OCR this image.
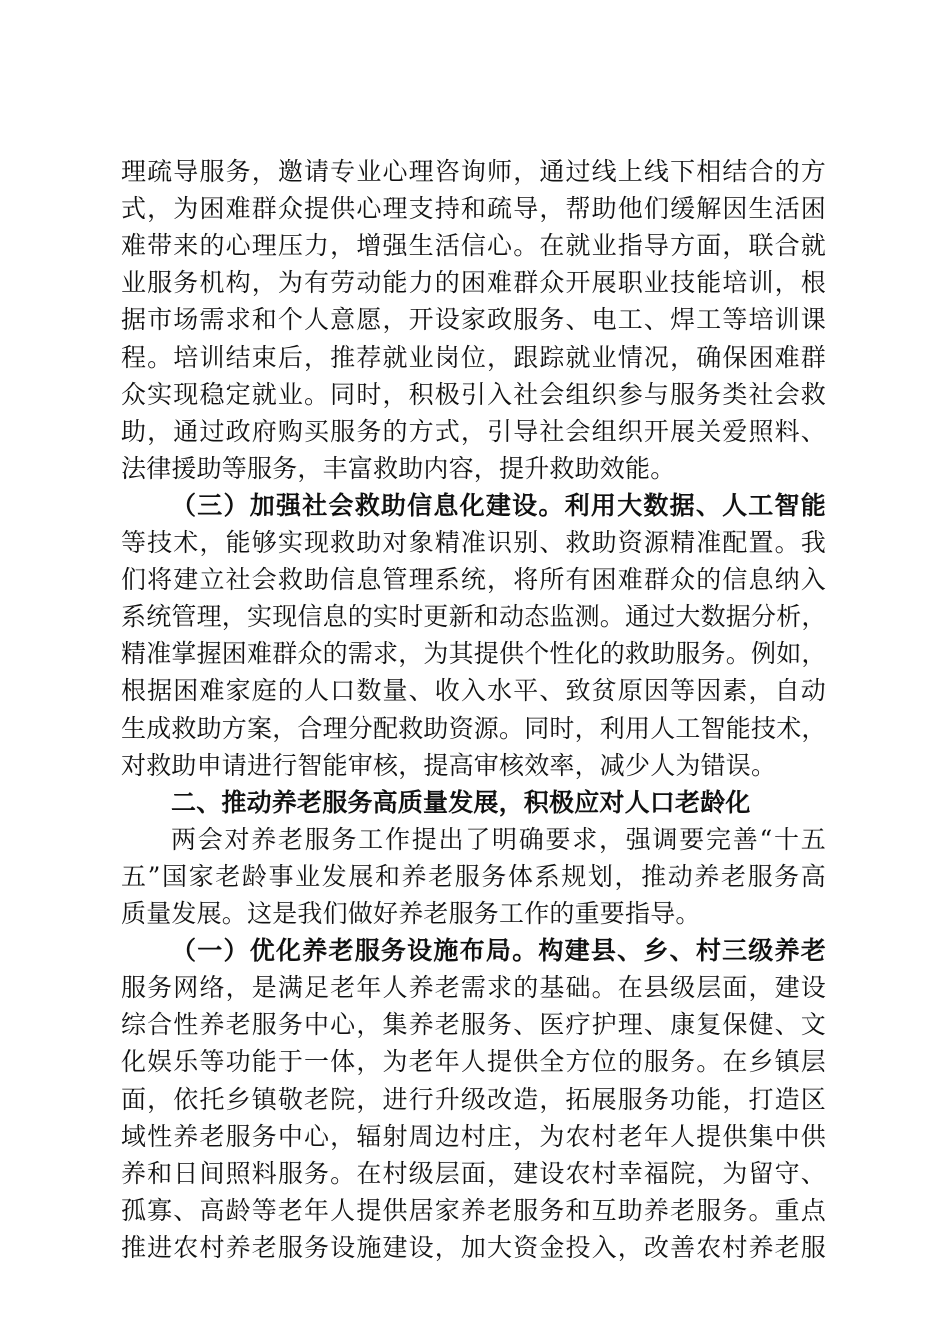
理疏导服务，邀请专业心理咨询师，通过线上线下相结合的方
式，为困难群众提供心理支持和疏导，帮助他们缓解因生活困
难带来的心理压力，增强生活信心。在就业指导方面，联合就
业服务机构，为有劳动能力的困难群众开展职业技能培训，根
据市场需求和个人意愿，开设家政服务、电工、焊工等培训课
程。培训结束后，推荐就业岗位，跟踪就业情况，确保困难群
众实现稳定就业。同时，积极引入社会组织参与服务类社会救
助，通过政府购买服务的方式，引导社会组织开展关爱照料、
法律援助等服务，丰富救助内容，提升救助效能。
（三）加强社会救助信息化建设。利用大数据、人工智能
等技术，能够实现救助对象精准识别、救助资源精准配置。我
们将建立社会救助信息管理系统，将所有困难群众的信息纳入
系统管理，实现信息的实时更新和动态监测。通过大数据分析，
精准掌握困难群众的需求，为其提供个性化的救助服务。例如，
根据困难家庭的人口数量、收入水平、致贫原因等因素，自动
生成救助方案，合理分配救助资源。同时，利用人工智能技术，
对救助申请进行智能审核，提高审核效率，减少人为错误。
二、推动养老服务高质量发展，积极应对人口老龄化
两会对养老服务工作提出了明确要求，强调要完善“十五
五”国家老龄事业发展和养老服务体系规划，推动养老服务高
质量发展。这是我们做好养老服务工作的重要指导。
（一）优化养老服务设施布局。构建县、乡、村三级养老
服务网络，是满足老年人养老需求的基础。在县级层面，建设
综合性养老服务中心，集养老服务、医疗护理、康复保健、文
化娱乐等功能于一体，为老年人提供全方位的服务。在乡镇层
面，依托乡镇敬老院，进行升级改造，拓展服务功能，打造区
域性养老服务中心，辐射周边村庄，为农村老年人提供集中供
养和日间照料服务。在村级层面，建设农村幸福院，为留守、
孤寡、高龄等老年人提供居家养老服务和互助养老服务。重点
推进农村养老服务设施建设，加大资金投入，改善农村养老服
